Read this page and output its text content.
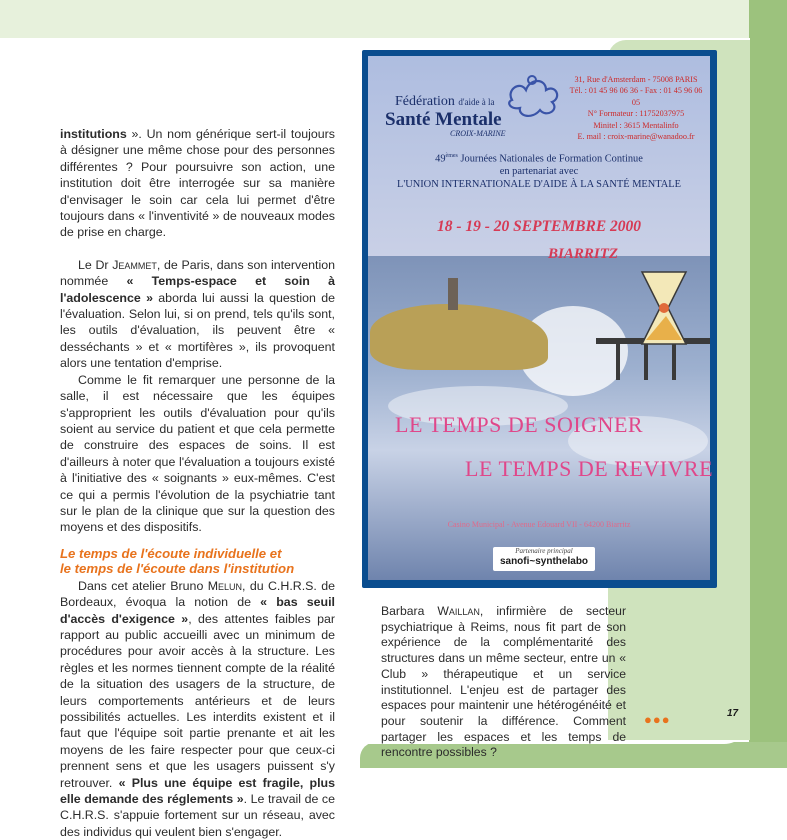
institutions ». Un nom générique sert-il toujours à désigner une même chose pour des personnes différentes ? Pour poursuivre son action, une institution doit être interrogée sur sa manière d'envisager le soin car cela lui permet d'être toujours dans « l'inventivité » de nouveaux modes de prise en charge.

Le Dr Jeammet, de Paris, dans son intervention nommée « Temps-espace et soin à l'adolescence » aborda lui aussi la question de l'évaluation. Selon lui, si on prend, tels qu'ils sont, les outils d'évaluation, ils peuvent être « desséchants » et « mortifères », ils provoquent alors une tentation d'emprise.

Comme le fit remarquer une personne de la salle, il est nécessaire que les équipes s'approprient les outils d'évaluation pour qu'ils soient au service du patient et que cela permette de construire des espaces de soins. Il est d'ailleurs à noter que l'évaluation a toujours existé à l'initiative des « soignants » eux-mêmes. C'est ce qui a permis l'évolution de la psychiatrie tant sur le plan de la clinique que sur la question des moyens et des dispositifs.

Le temps de l'écoute individuelle et
le temps de l'écoute dans l'institution

Dans cet atelier Bruno Melun, du C.H.R.S. de Bordeaux, évoqua la notion de « bas seuil d'accès d'exigence », des attentes faibles par rapport au public accueilli avec un minimum de procédures pour avoir accès à la structure. Les règles et les normes tiennent compte de la réalité de la situation des usagers de la structure, de leurs comportements antérieurs et de leurs possibilités actuelles. Les interdits existent et il faut que l'équipe soit partie prenante et ait les moyens de les faire respecter pour que ceux-ci prennent sens et que les usagers puissent s'y retrouver. « Plus une équipe est fragile, plus elle demande des réglements ». Le travail de ce C.H.R.S. s'appuie fortement sur un réseau, avec des individus qui veulent bien s'engager.

Fédération d'aide à la
Santé Mentale
CROIX-MARINE
31, Rue d'Amsterdam - 75008 PARIS
Tél. : 01 45 96 06 36 - Fax : 01 45 96 06 05
N° Formateur : 11752037975
Minitel : 3615 Mentalinfo
E. mail : croix-marine@wanadoo.fr
49èmes Journées Nationales de Formation Continue
en partenariat avec
L'UNION INTERNATIONALE D'AIDE À LA SANTÉ MENTALE
18 - 19 - 20 SEPTEMBRE 2000
BIARRITZ
LE TEMPS DE SOIGNER
LE TEMPS DE REVIVRE
Casino Municipal - Avenue Edouard VII - 64200 Biarritz
Partenaire principal
sanofi~synthelabo

Barbara Waillan, infirmière de secteur psychiatrique à Reims, nous fit part de son expérience de la complémentarité des structures dans un même secteur, entre un « Club » thérapeutique et un service institutionnel. L'enjeu est de partager des espaces pour maintenir une hétérogénéité et pour soutenir la différence. Comment partager les espaces et les temps de rencontre possibles ?

●●●	17
